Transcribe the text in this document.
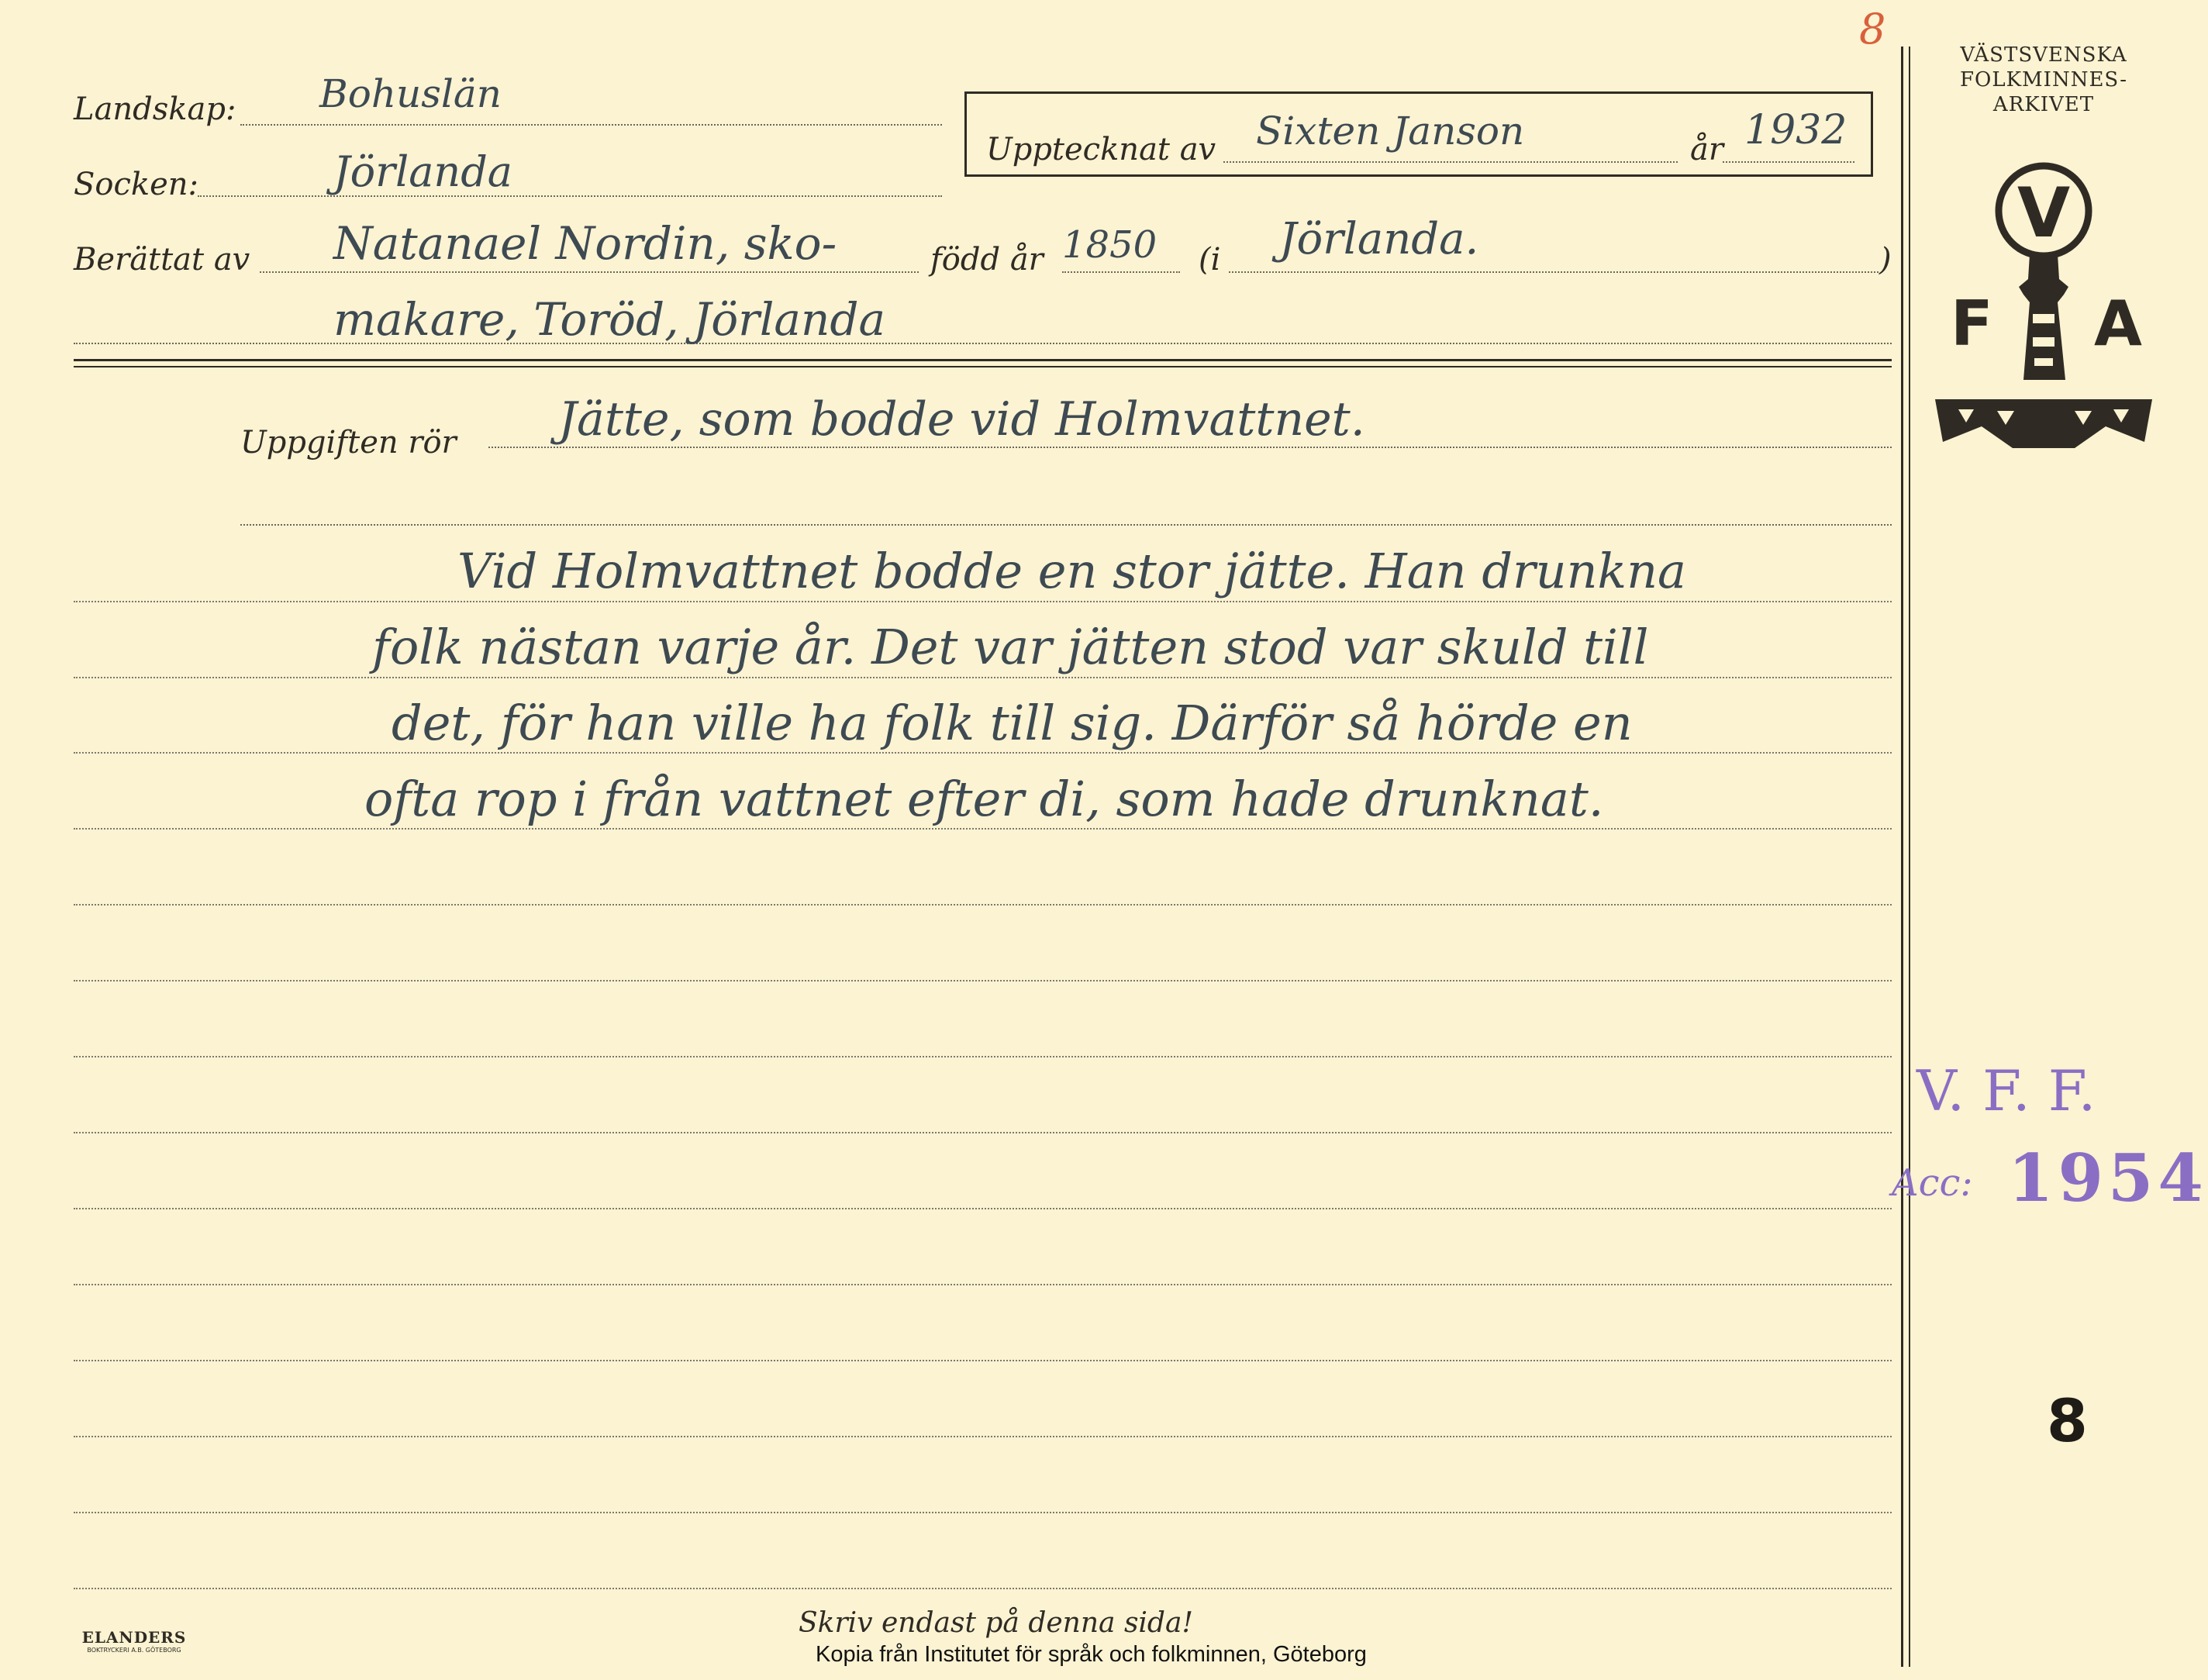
8
Landskap: Bohuslän
Socken:	Jörlanda	Upptecknat av Sixten Janson	år 1932
Berättat av Natanael Nordin, sko-	född år 1850 (i Jörlanda.	)
makare, Toröd, Jörlanda
Uppgiften rör Jätte, som bodde vid Holmvattnet.
Vid Holmvattnet bodde en stor jätte. Han drunkna
folk nästan varje år. Det var jätten stod var skuld till
det, för han ville ha folk till sig. Därför så hörde en
ofta rop i från vattnet efter di, som hade drunknat.
VÄSTSVENSKA
FOLKMINNES-
ARKIVET
V
F A
V. F. F.
Acc: 1954
8
Skriv endast på denna sida!
Kopia från Institutet för språk och folkminnen, Göteborg
ELANDERS
BOKTRYCKERI A.B. GÖTEBORG
